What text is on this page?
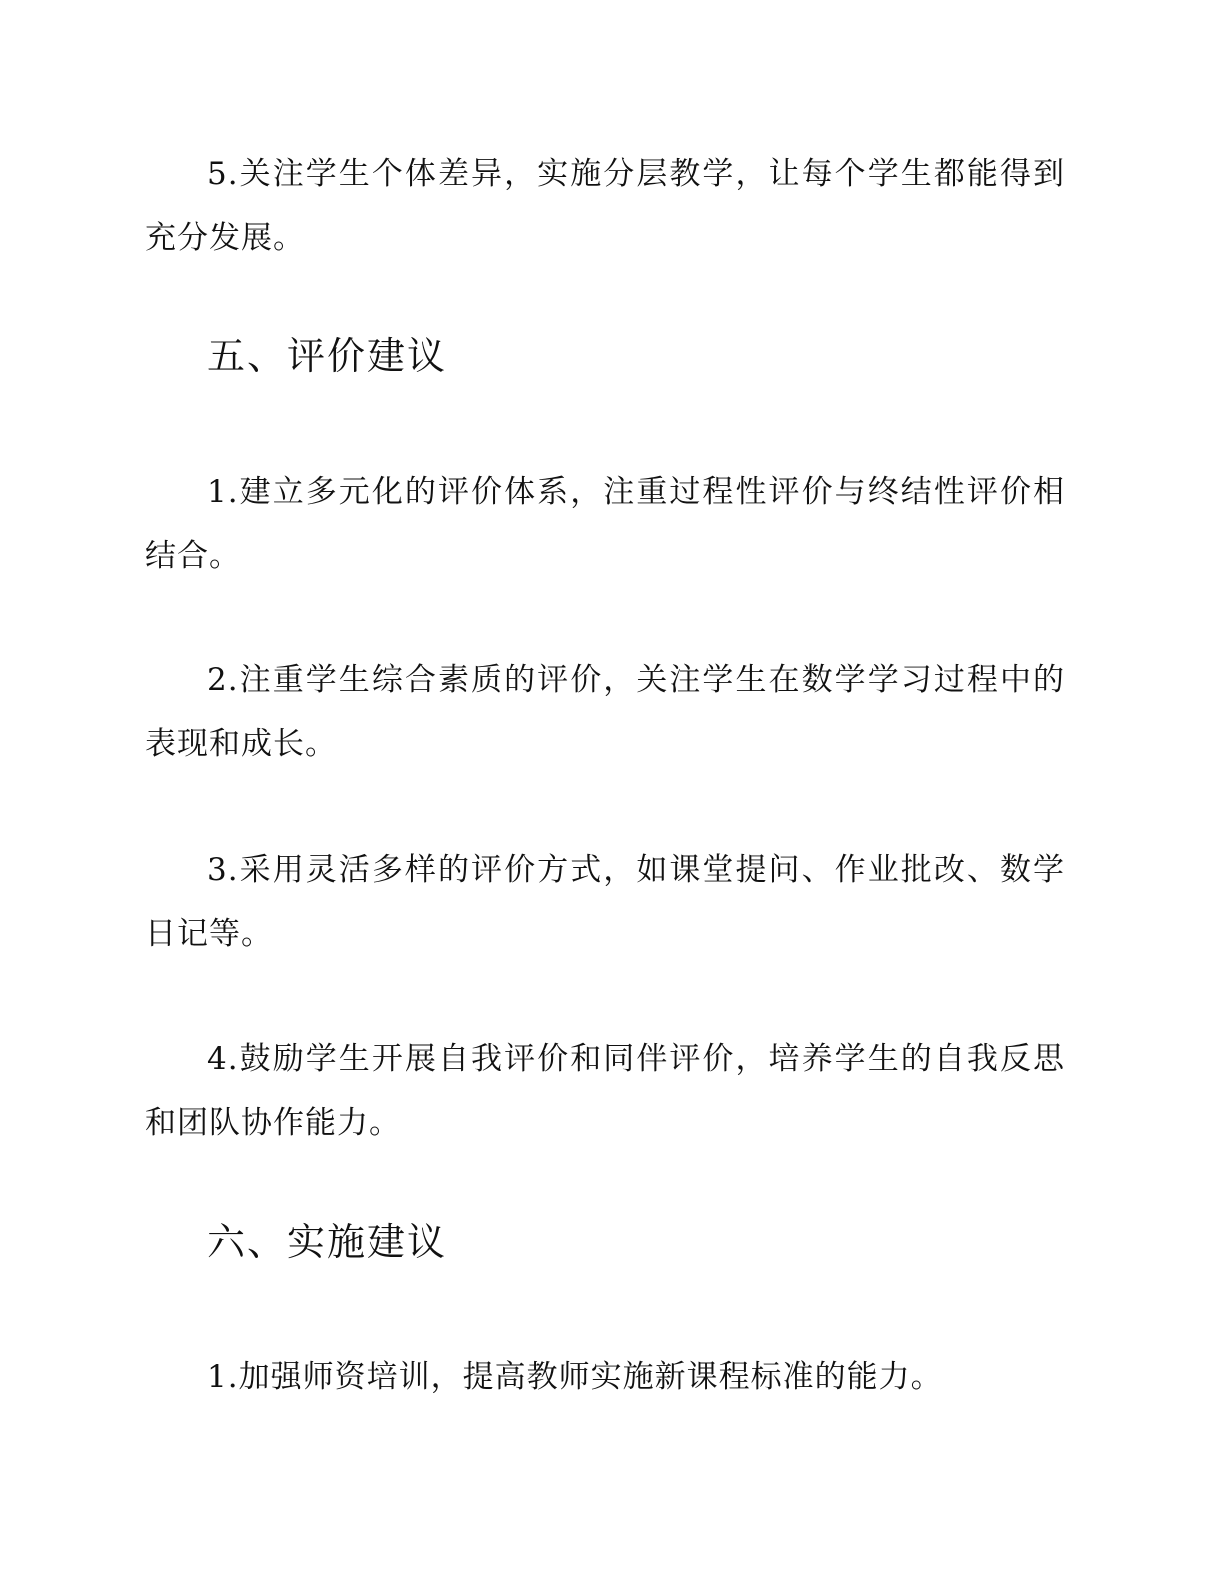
5.关注学生个体差异，实施分层教学，让每个学生都能得到充分发展。

五、评价建议

1.建立多元化的评价体系，注重过程性评价与终结性评价相结合。

2.注重学生综合素质的评价，关注学生在数学学习过程中的表现和成长。

3.采用灵活多样的评价方式，如课堂提问、作业批改、数学日记等。

4.鼓励学生开展自我评价和同伴评价，培养学生的自我反思和团队协作能力。

六、实施建议

1.加强师资培训，提高教师实施新课程标准的能力。
